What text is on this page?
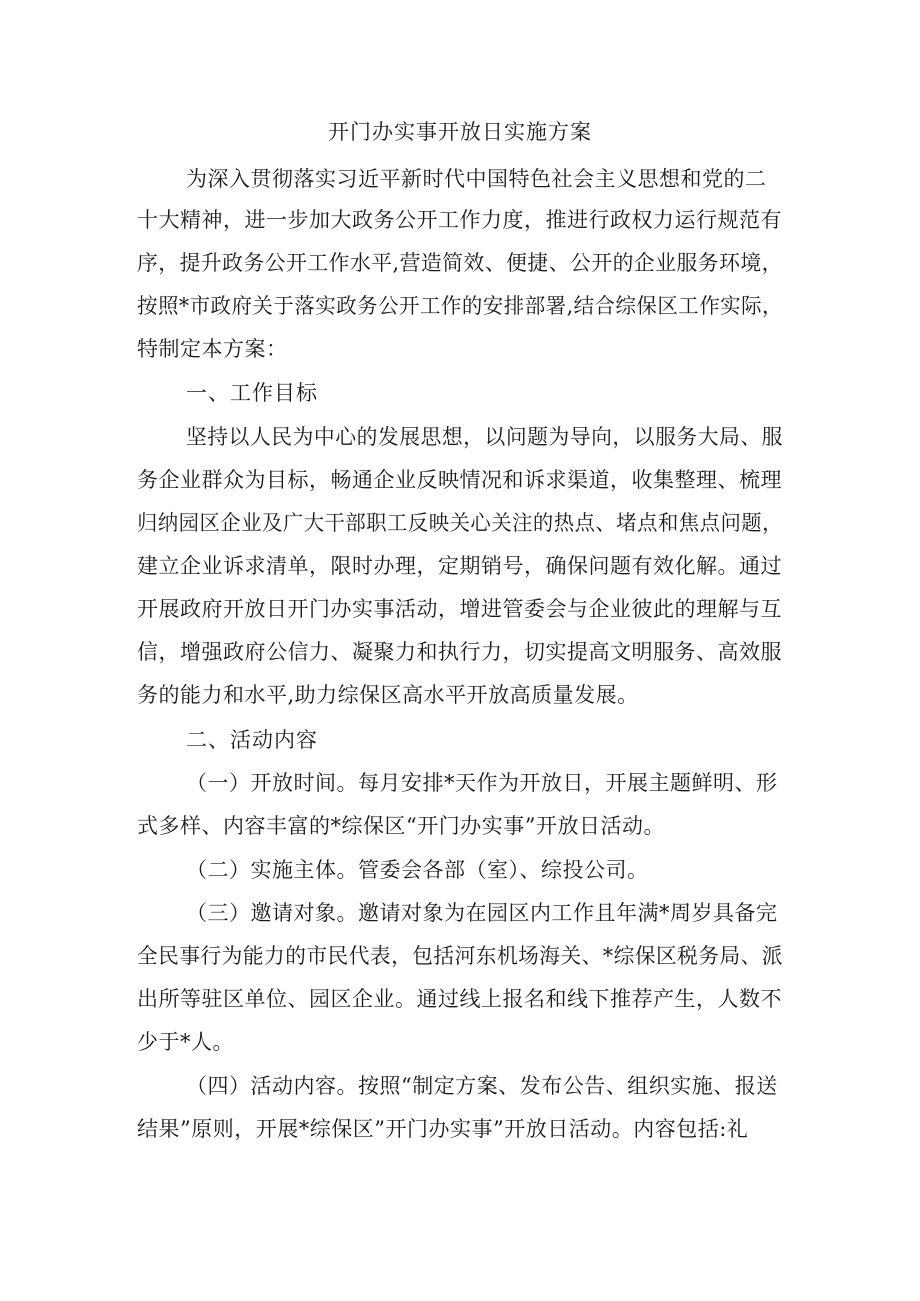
开门办实事开放日实施方案
为深入贯彻落实习近平新时代中国特色社会主义思想和党的二
十大精神，进一步加大政务公开工作力度，推进行政权力运行规范有
序，提升政务公开工作水平,营造简效、便捷、公开的企业服务环境，
按照*市政府关于落实政务公开工作的安排部署,结合综保区工作实际，
特制定本方案：
一、工作目标
坚持以人民为中心的发展思想，以问题为导向，以服务大局、服
务企业群众为目标，畅通企业反映情况和诉求渠道，收集整理、梳理
归纳园区企业及广大干部职工反映关心关注的热点、堵点和焦点问题，
建立企业诉求清单，限时办理，定期销号，确保问题有效化解。通过
开展政府开放日开门办实事活动，增进管委会与企业彼此的理解与互
信，增强政府公信力、凝聚力和执行力，切实提高文明服务、高效服
务的能力和水平,助力综保区高水平开放高质量发展。
二、活动内容
（一）开放时间。每月安排*天作为开放日，开展主题鲜明、形
式多样、内容丰富的*综保区“开门办实事”开放日活动。
（二）实施主体。管委会各部（室）、综投公司。
（三）邀请对象。邀请对象为在园区内工作且年满*周岁具备完
全民事行为能力的市民代表，包括河东机场海关、*综保区税务局、派
出所等驻区单位、园区企业。通过线上报名和线下推荐产生，人数不
少于*人。
（四）活动内容。按照“制定方案、发布公告、组织实施、报送
结果”原则，开展*综保区”开门办实事”开放日活动。内容包括:礼
